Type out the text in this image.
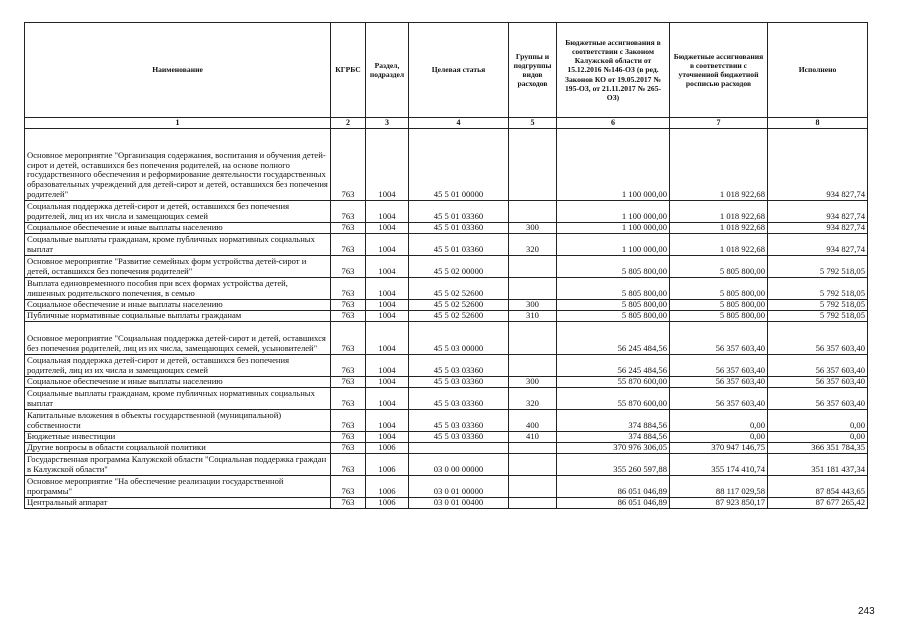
Наименование	КГРБС	Раздел, подраздел	Целевая статья	Группы и подгруппы видов расходов	Бюджетные ассигнования в соответствии с Законом Калужской области от 15.12.2016 №146-ОЗ (в ред. Законов КО от 19.05.2017 № 195-ОЗ, от 21.11.2017 № 265-ОЗ)	Бюджетные ассигнования в соответствии с уточненной бюджетной росписью расходов	Исполнено
1	2	3	4	5	6	7	8
Основное мероприятие "Организация содержания, воспитания и обучения детей-сирот и детей, оставшихся без попечения родителей, на основе полного государственного обеспечения и реформирование деятельности государственных образовательных учреждений для детей-сирот и детей, оставшихся без попечения родителей"	763	1004	45 5 01 00000		1 100 000,00	1 018 922,68	934 827,74
Социальная поддержка детей-сирот и детей, оставшихся без попечения родителей, лиц из их числа и замещающих семей	763	1004	45 5 01 03360		1 100 000,00	1 018 922,68	934 827,74
Социальное обеспечение и иные выплаты населению	763	1004	45 5 01 03360	300	1 100 000,00	1 018 922,68	934 827,74
Социальные выплаты гражданам, кроме публичных нормативных социальных выплат	763	1004	45 5 01 03360	320	1 100 000,00	1 018 922,68	934 827,74
Основное мероприятие "Развитие семейных форм устройства детей-сирот и детей, оставшихся без попечения родителей"	763	1004	45 5 02 00000		5 805 800,00	5 805 800,00	5 792 518,05
Выплата единовременного пособия при всех формах устройства детей, лишенных родительского попечения, в семью	763	1004	45 5 02 52600		5 805 800,00	5 805 800,00	5 792 518,05
Социальное обеспечение и иные выплаты населению	763	1004	45 5 02 52600	300	5 805 800,00	5 805 800,00	5 792 518,05
Публичные нормативные социальные выплаты гражданам	763	1004	45 5 02 52600	310	5 805 800,00	5 805 800,00	5 792 518,05
Основное мероприятие "Социальная поддержка детей-сирот и детей, оставшихся без попечения родителей, лиц из их числа, замещающих семей, усыновителей"	763	1004	45 5 03 00000		56 245 484,56	56 357 603,40	56 357 603,40
Социальная поддержка детей-сирот и детей, оставшихся без попечения родителей, лиц из их числа и замещающих семей	763	1004	45 5 03 03360		56 245 484,56	56 357 603,40	56 357 603,40
Социальное обеспечение и иные выплаты населению	763	1004	45 5 03 03360	300	55 870 600,00	56 357 603,40	56 357 603,40
Социальные выплаты гражданам, кроме публичных нормативных социальных выплат	763	1004	45 5 03 03360	320	55 870 600,00	56 357 603,40	56 357 603,40
Капитальные вложения в объекты государственной (муниципальной) собственности	763	1004	45 5 03 03360	400	374 884,56	0,00	0,00
Бюджетные инвестиции	763	1004	45 5 03 03360	410	374 884,56	0,00	0,00
Другие вопросы в области социальной политики	763	1006			370 976 306,05	370 947 146,75	366 351 784,35
Государственная программа Калужской области "Социальная поддержка граждан в Калужской области"	763	1006	03 0 00 00000		355 260 597,88	355 174 410,74	351 181 437,34
Основное мероприятие "На обеспечение реализации государственной программы"	763	1006	03 0 01 00000		86 051 046,89	88 117 029,58	87 854 443,65
Центральный аппарат	763	1006	03 0 01 00400		86 051 046,89	87 923 850,17	87 677 265,42
243
